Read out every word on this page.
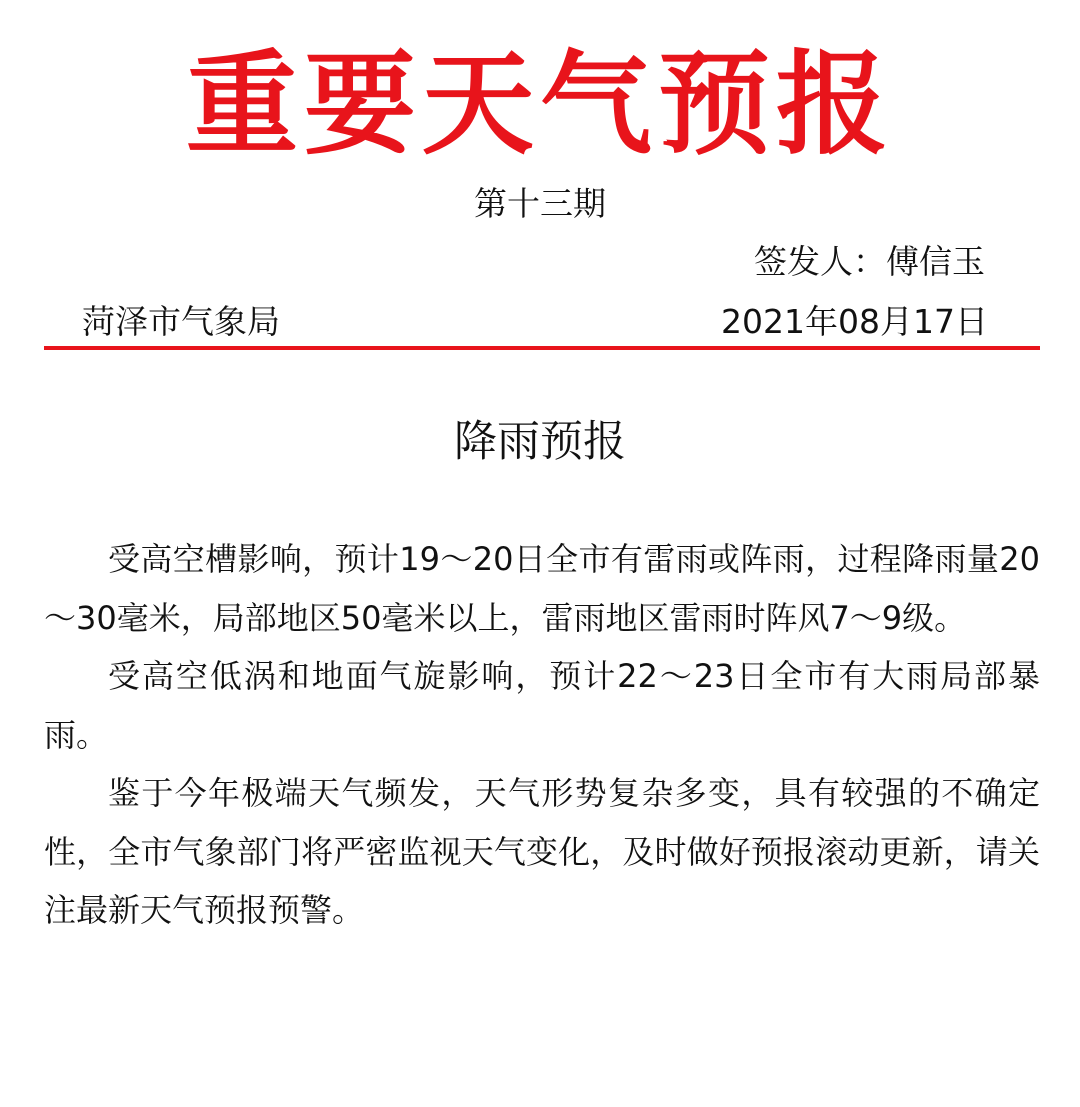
重要天气预报
第十三期
签发人：傅信玉
菏泽市气象局	2021年08月17日
降雨预报

受高空槽影响，预计19～20日全市有雷雨或阵雨，过程降雨量20～30毫米，局部地区50毫米以上，雷雨地区雷雨时阵风7～9级。

受高空低涡和地面气旋影响，预计22～23日全市有大雨局部暴雨。

鉴于今年极端天气频发，天气形势复杂多变，具有较强的不确定性，全市气象部门将严密监视天气变化，及时做好预报滚动更新，请关注最新天气预报预警。
